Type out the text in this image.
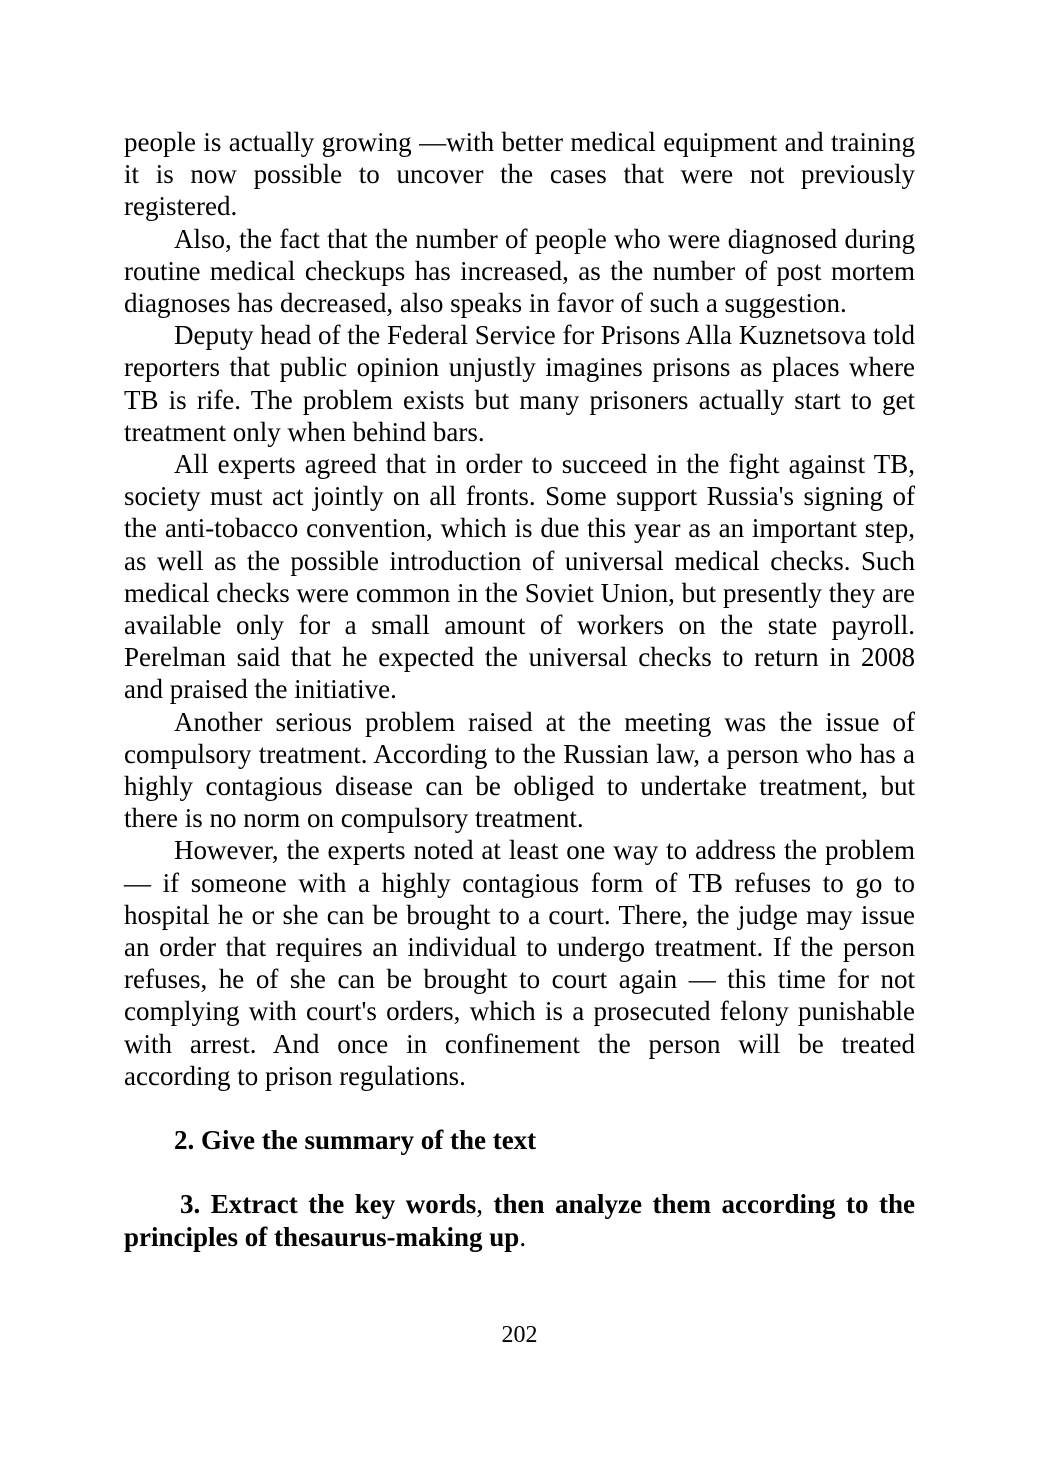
people is actually growing —with better medical equipment and training it is now possible to uncover the cases that were not previously registered.

Also, the fact that the number of people who were diagnosed during routine medical checkups has increased, as the number of post mortem diagnoses has decreased, also speaks in favor of such a suggestion.

Deputy head of the Federal Service for Prisons Alla Kuznetsova told reporters that public opinion unjustly imagines prisons as places where TB is rife. The problem exists but many prisoners actually start to get treatment only when behind bars.

All experts agreed that in order to succeed in the fight against TB, society must act jointly on all fronts. Some support Russia's signing of the anti-tobacco convention, which is due this year as an important step, as well as the possible introduction of universal medical checks. Such medical checks were common in the Soviet Union, but presently they are available only for a small amount of workers on the state payroll. Perelman said that he expected the universal checks to return in 2008 and praised the initiative.

Another serious problem raised at the meeting was the issue of compulsory treatment. According to the Russian law, a person who has a highly contagious disease can be obliged to undertake treatment, but there is no norm on compulsory treatment.

However, the experts noted at least one way to address the problem — if someone with a highly contagious form of TB refuses to go to hospital he or she can be brought to a court. There, the judge may issue an order that requires an individual to undergo treatment. If the person refuses, he of she can be brought to court again — this time for not complying with court's orders, which is a prosecuted felony punishable with arrest. And once in confinement the person will be treated according to prison regulations.

2. Give the summary of the text

3. Extract the key words, then analyze them according to the principles of thesaurus-making up.

202
